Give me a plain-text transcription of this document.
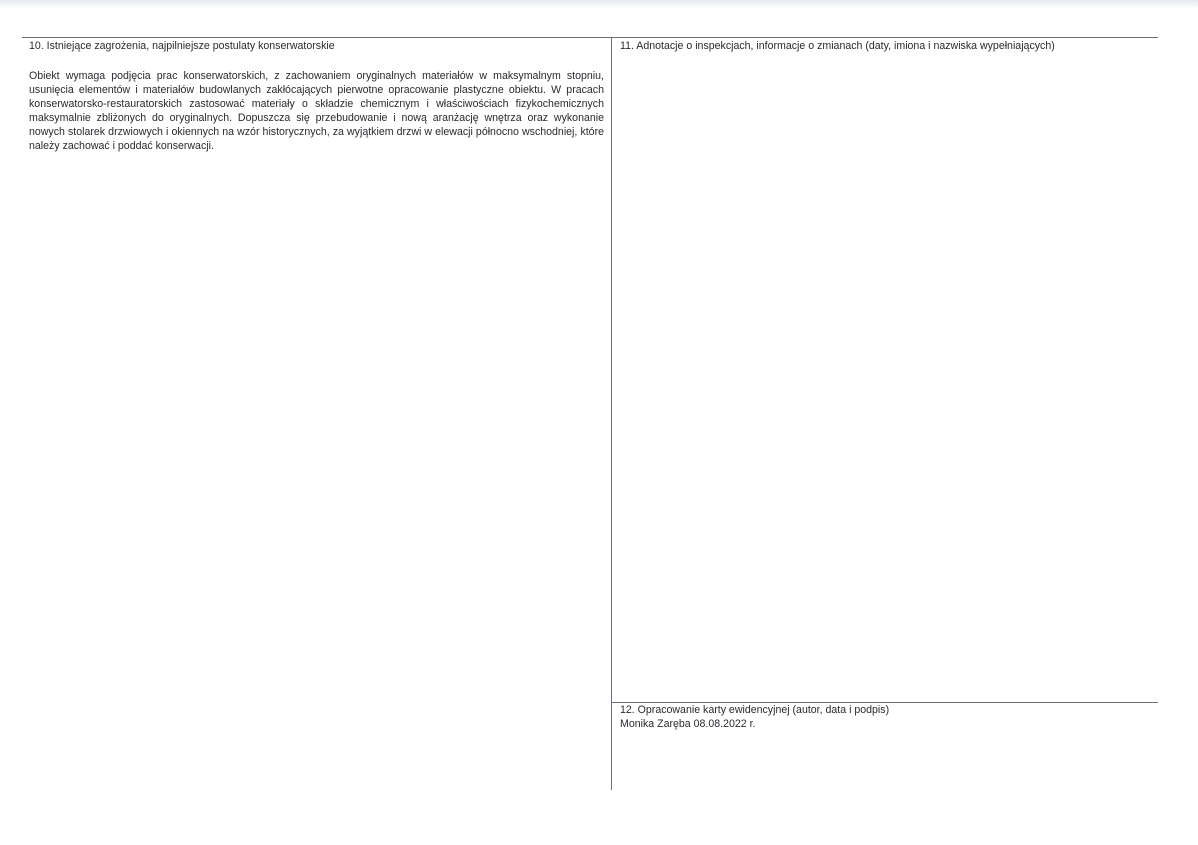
10. Istniejące zagrożenia, najpilniejsze postulaty konserwatorskie
Obiekt wymaga podjęcia prac konserwatorskich, z zachowaniem oryginalnych materiałów w maksymalnym stopniu, usunięcia elementów i materiałów budowlanych zakłócających pierwotne opracowanie plastyczne obiektu. W pracach konserwatorsko-restauratorskich zastosować materiały o składzie chemicznym i właściwościach fizykochemicznych maksymalnie zbliżonych do oryginalnych. Dopuszcza się przebudowanie i nową aranżację wnętrza oraz wykonanie nowych stolarek drzwiowych i okiennych na wzór historycznych, za wyjątkiem drzwi w elewacji północno wschodniej, które należy zachować i poddać konserwacji.
11. Adnotacje o inspekcjach, informacje o zmianach (daty, imiona i nazwiska wypełniających)
12. Opracowanie karty ewidencyjnej (autor, data i podpis)
Monika Zaręba 08.08.2022 r.
